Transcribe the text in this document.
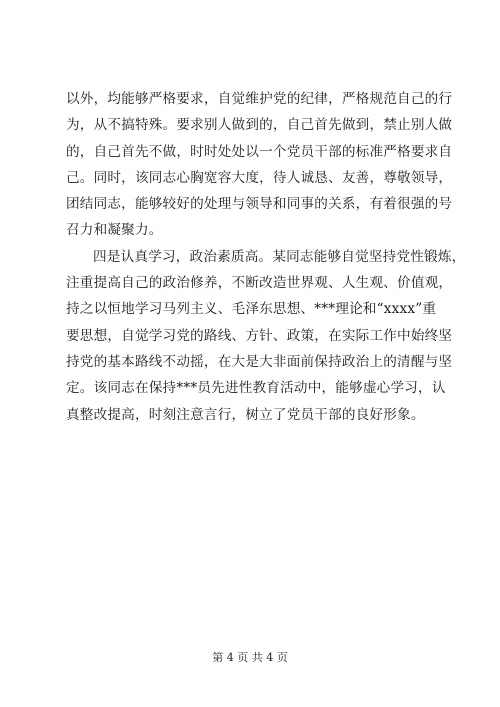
以外，均能够严格要求，自觉维护党的纪律，严格规范自己的行
为，从不搞特殊。要求别人做到的，自己首先做到，禁止别人做
的，自己首先不做，时时处处以一个党员干部的标准严格要求自
己。同时，该同志心胸宽容大度，待人诚恳、友善，尊敬领导，
团结同志，能够较好的处理与领导和同事的关系，有着很强的号
召力和凝聚力。
四是认真学习，政治素质高。某同志能够自觉坚持党性锻炼，
注重提高自己的政治修养，不断改造世界观、人生观、价值观，
持之以恒地学习马列主义、毛泽东思想、***理论和“xxxx”重
要思想，自觉学习党的路线、方针、政策，在实际工作中始终坚
持党的基本路线不动摇，在大是大非面前保持政治上的清醒与坚
定。该同志在保持***员先进性教育活动中，能够虚心学习，认
真整改提高，时刻注意言行，树立了党员干部的良好形象。
第 4 页 共 4 页
